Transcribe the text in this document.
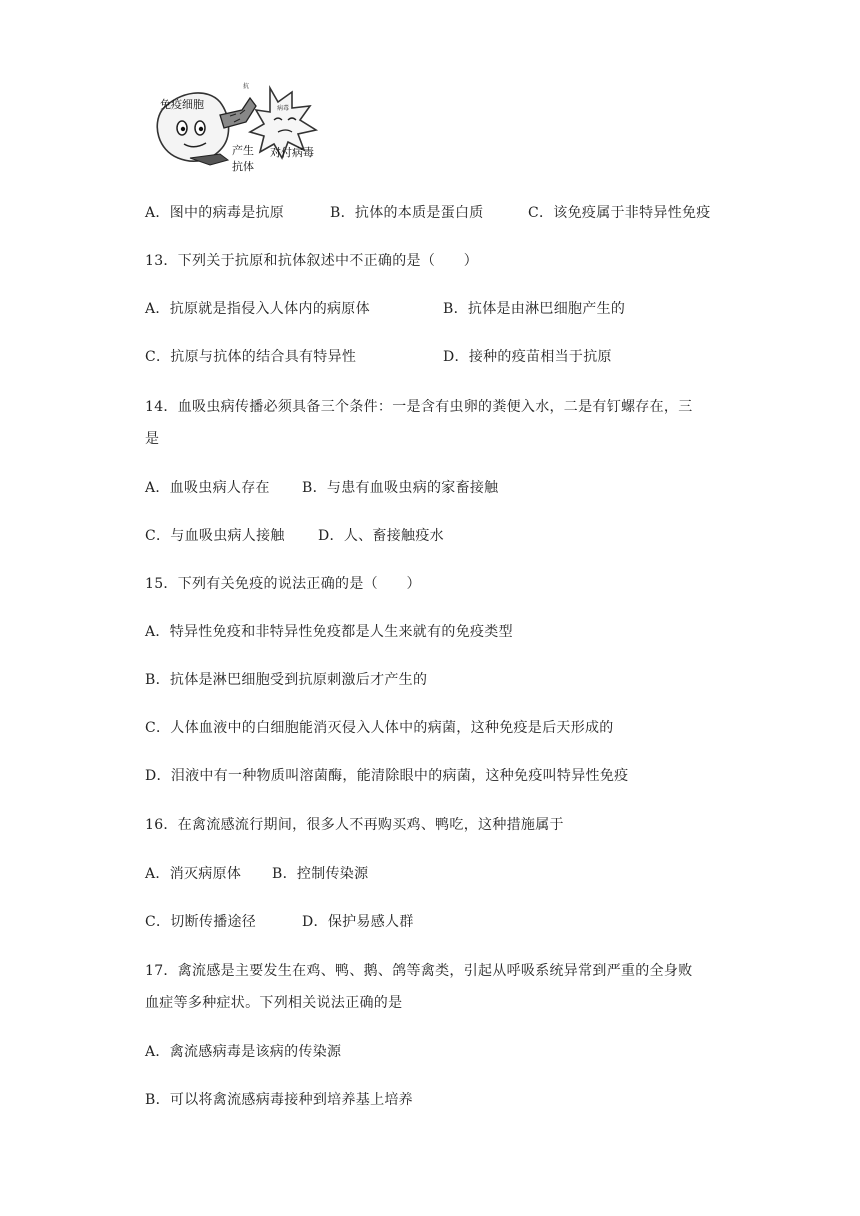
免疫细胞
抗
病毒
产生
抗体
对付病毒
A．图中的病毒是抗原	B．抗体的本质是蛋白质	C．该免疫属于非特异性免疫
13．下列关于抗原和抗体叙述中不正确的是（　　）
A．抗原就是指侵入人体内的病原体	B．抗体是由淋巴细胞产生的
C．抗原与抗体的结合具有特异性	D．接种的疫苗相当于抗原
14．血吸虫病传播必须具备三个条件：一是含有虫卵的粪便入水，二是有钉螺存在，三
是
A．血吸虫病人存在 B．与患有血吸虫病的家畜接触
C．与血吸虫病人接触 D．人、畜接触疫水
15．下列有关免疫的说法正确的是（　　）
A．特异性免疫和非特异性免疫都是人生来就有的免疫类型
B．抗体是淋巴细胞受到抗原刺激后才产生的
C．人体血液中的白细胞能消灭侵入人体中的病菌，这种免疫是后天形成的
D．泪液中有一种物质叫溶菌酶，能清除眼中的病菌，这种免疫叫特异性免疫
16．在禽流感流行期间，很多人不再购买鸡、鸭吃，这种措施属于
A．消灭病原体 B．控制传染源
C．切断传播途径	D．保护易感人群
17．禽流感是主要发生在鸡、鸭、鹅、鸽等禽类，引起从呼吸系统异常到严重的全身败
血症等多种症状。下列相关说法正确的是
A．禽流感病毒是该病的传染源
B．可以将禽流感病毒接种到培养基上培养
